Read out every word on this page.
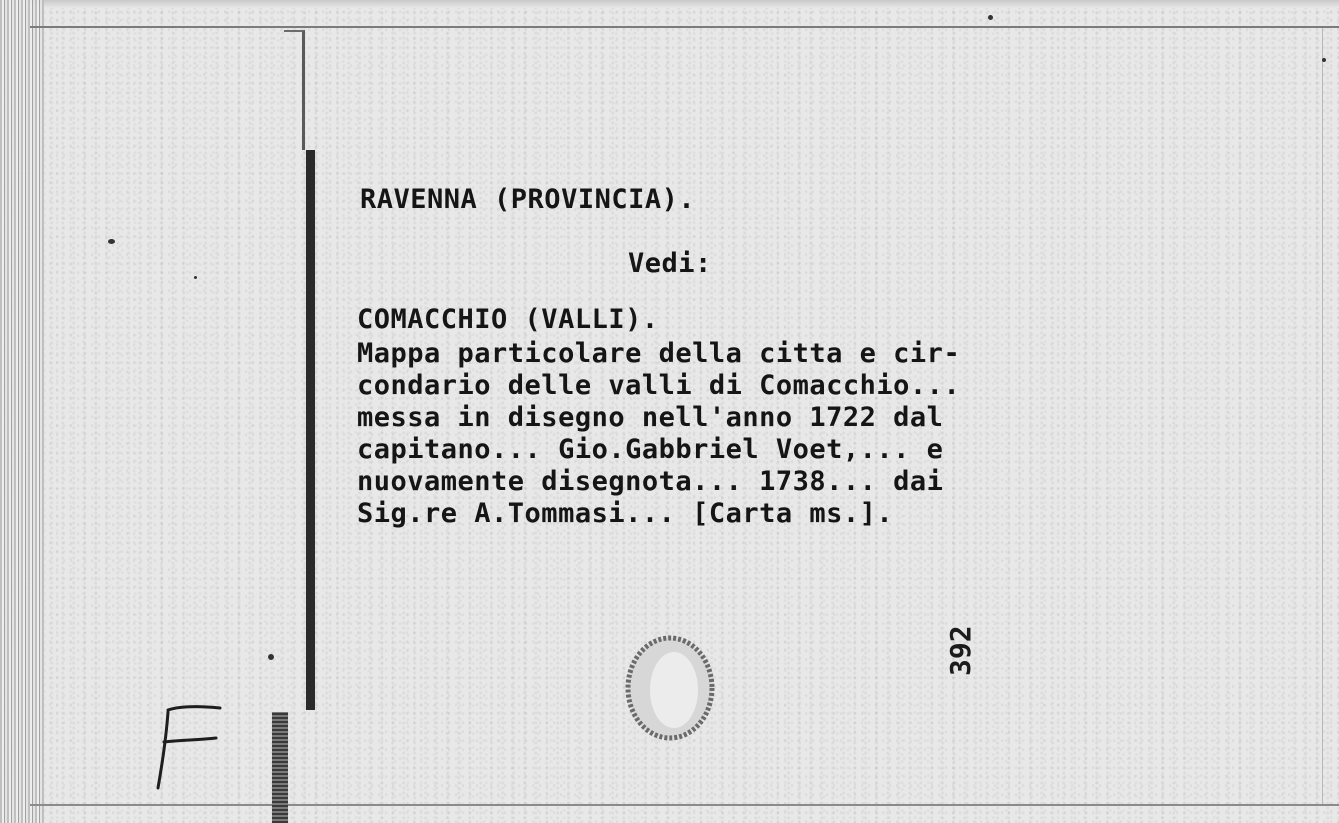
RAVENNA (PROVINCIA).
Vedi:
COMACCHIO (VALLI).
Mappa particolare della citta e cir-
condario delle valli di Comacchio...
messa in disegno nell'anno 1722 dal
capitano... Gio.Gabbriel Voet,... e
nuovamente disegnota... 1738... dai
Sig.re A.Tommasi... [Carta ms.].
392
